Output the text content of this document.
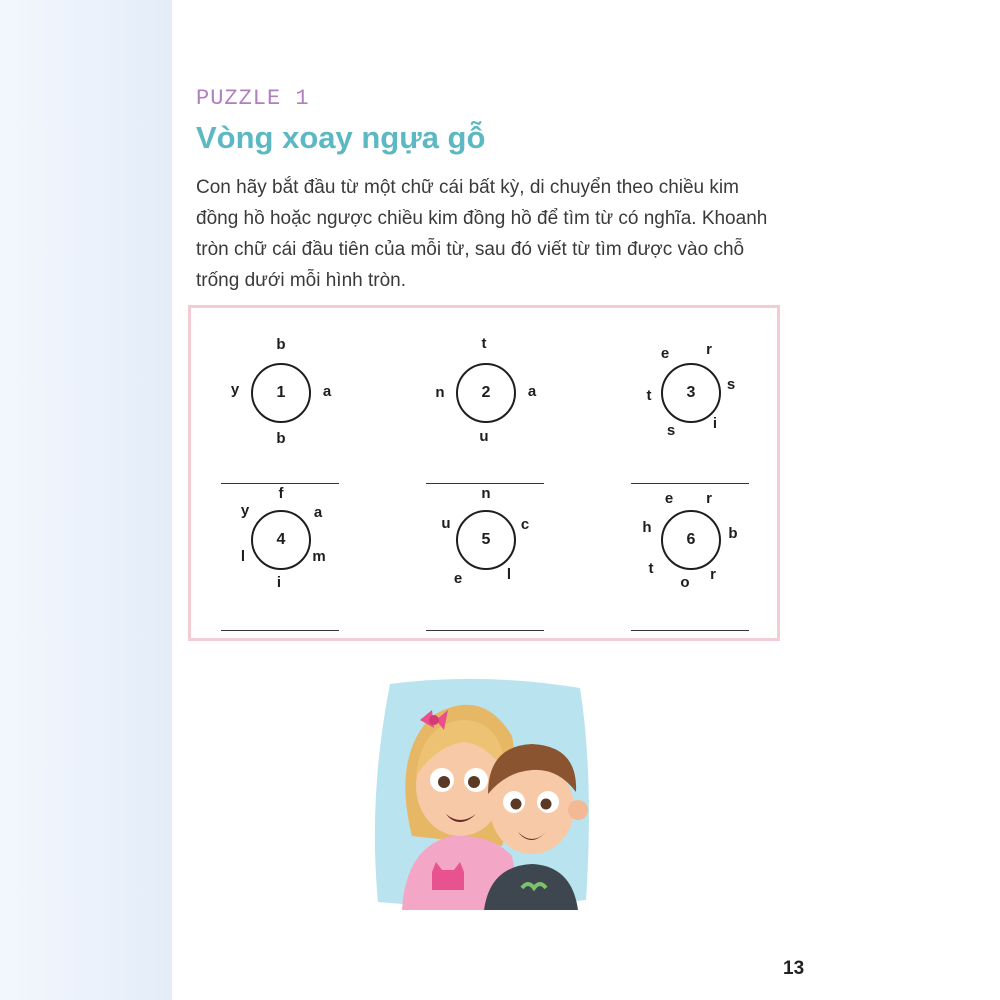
PUZZLE 1

Vòng xoay ngựa gỗ

Con hãy bắt đầu từ một chữ cái bất kỳ, di chuyển theo chiều kim đồng hồ hoặc ngược chiều kim đồng hồ để tìm từ có nghĩa. Khoanh tròn chữ cái đầu tiên của mỗi từ, sau đó viết từ tìm được vào chỗ trống dưới mỗi hình tròn.

1
b
a
b
y	2
t
a
u
n	3
r
s
i
s
t
e
4
f
a
m
i
l
y
5
n
c
l
e
u
6
r
b
r
o
t
h
e

13
